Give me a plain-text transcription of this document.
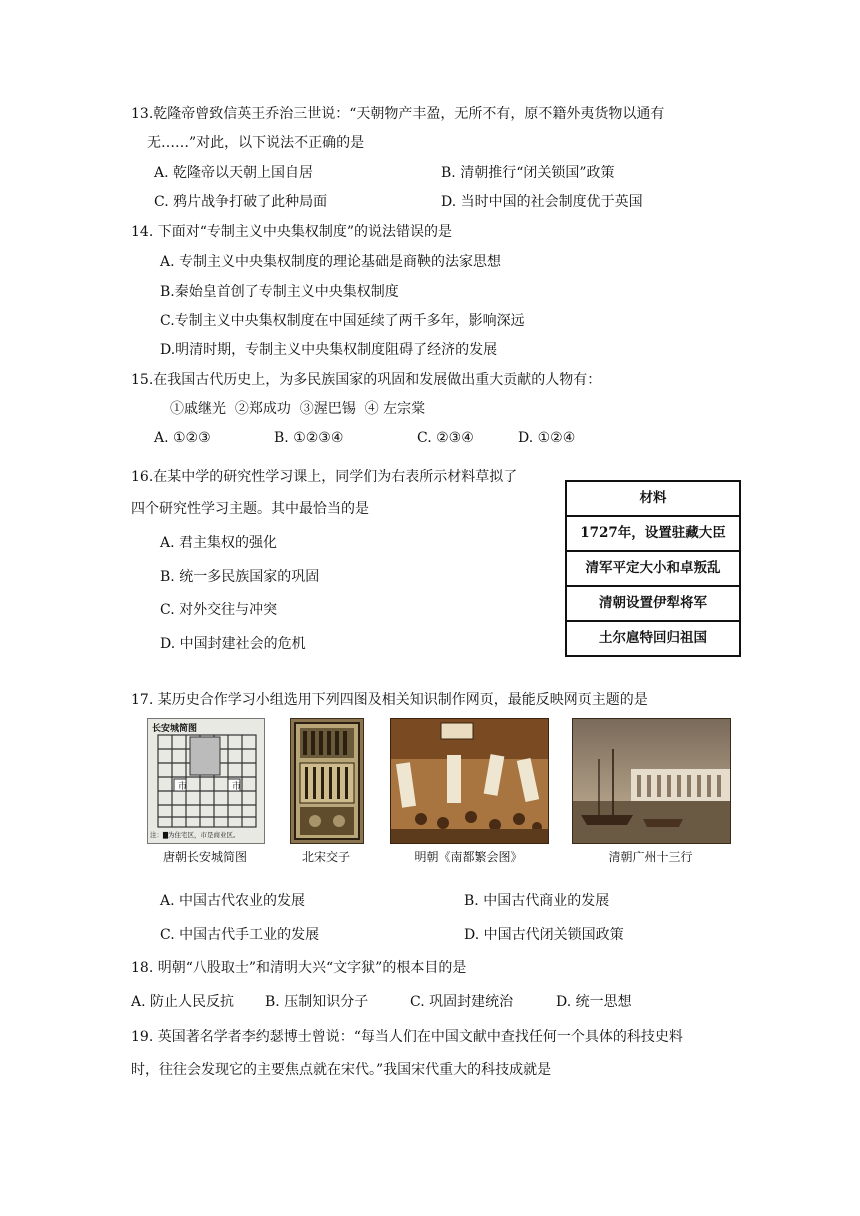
13.乾隆帝曾致信英王乔治三世说：“天朝物产丰盈，无所不有，原不籍外夷货物以通有
无……”对此，以下说法不正确的是
A. 乾隆帝以天朝上国自居	B. 清朝推行“闭关锁国”政策
C. 鸦片战争打破了此种局面	D. 当时中国的社会制度优于英国
14. 下面对“专制主义中央集权制度”的说法错误的是
A. 专制主义中央集权制度的理论基础是商鞅的法家思想
B.秦始皇首创了专制主义中央集权制度
C.专制主义中央集权制度在中国延续了两千多年，影响深远
D.明清时期，专制主义中央集权制度阻碍了经济的发展
15.在我国古代历史上，为多民族国家的巩固和发展做出重大贡献的人物有：
①戚继光  ②郑成功  ③渥巴锡  ④ 左宗棠
A. ①②③	B. ①②③④	C. ②③④	D. ①②④
16.在某中学的研究性学习课上，同学们为右表所示材料草拟了
四个研究性学习主题。其中最恰当的是
A. 君主集权的强化
B. 统一多民族国家的巩固
C. 对外交往与冲突
D. 中国封建社会的危机
材料
1727年，设置驻藏大臣
清军平定大小和卓叛乱
清朝设置伊犁将军
土尔扈特回归祖国
17. 某历史合作学习小组选用下列四图及相关知识制作网页，最能反映网页主题的是
市	市
长安城简图
注：▇为住宅区，市是商业区。
唐朝长安城简图	北宋交子	明朝《南都繁会图》	清朝广州十三行
A. 中国古代农业的发展	B. 中国古代商业的发展
C. 中国古代手工业的发展	D. 中国古代闭关锁国政策
18. 明朝“八股取士”和清明大兴“文字狱”的根本目的是
A. 防止人民反抗 B. 压制知识分子	C. 巩固封建统治	D. 统一思想
19. 英国著名学者李约瑟博士曾说：“每当人们在中国文献中查找任何一个具体的科技史料
时，往往会发现它的主要焦点就在宋代。”我国宋代重大的科技成就是
